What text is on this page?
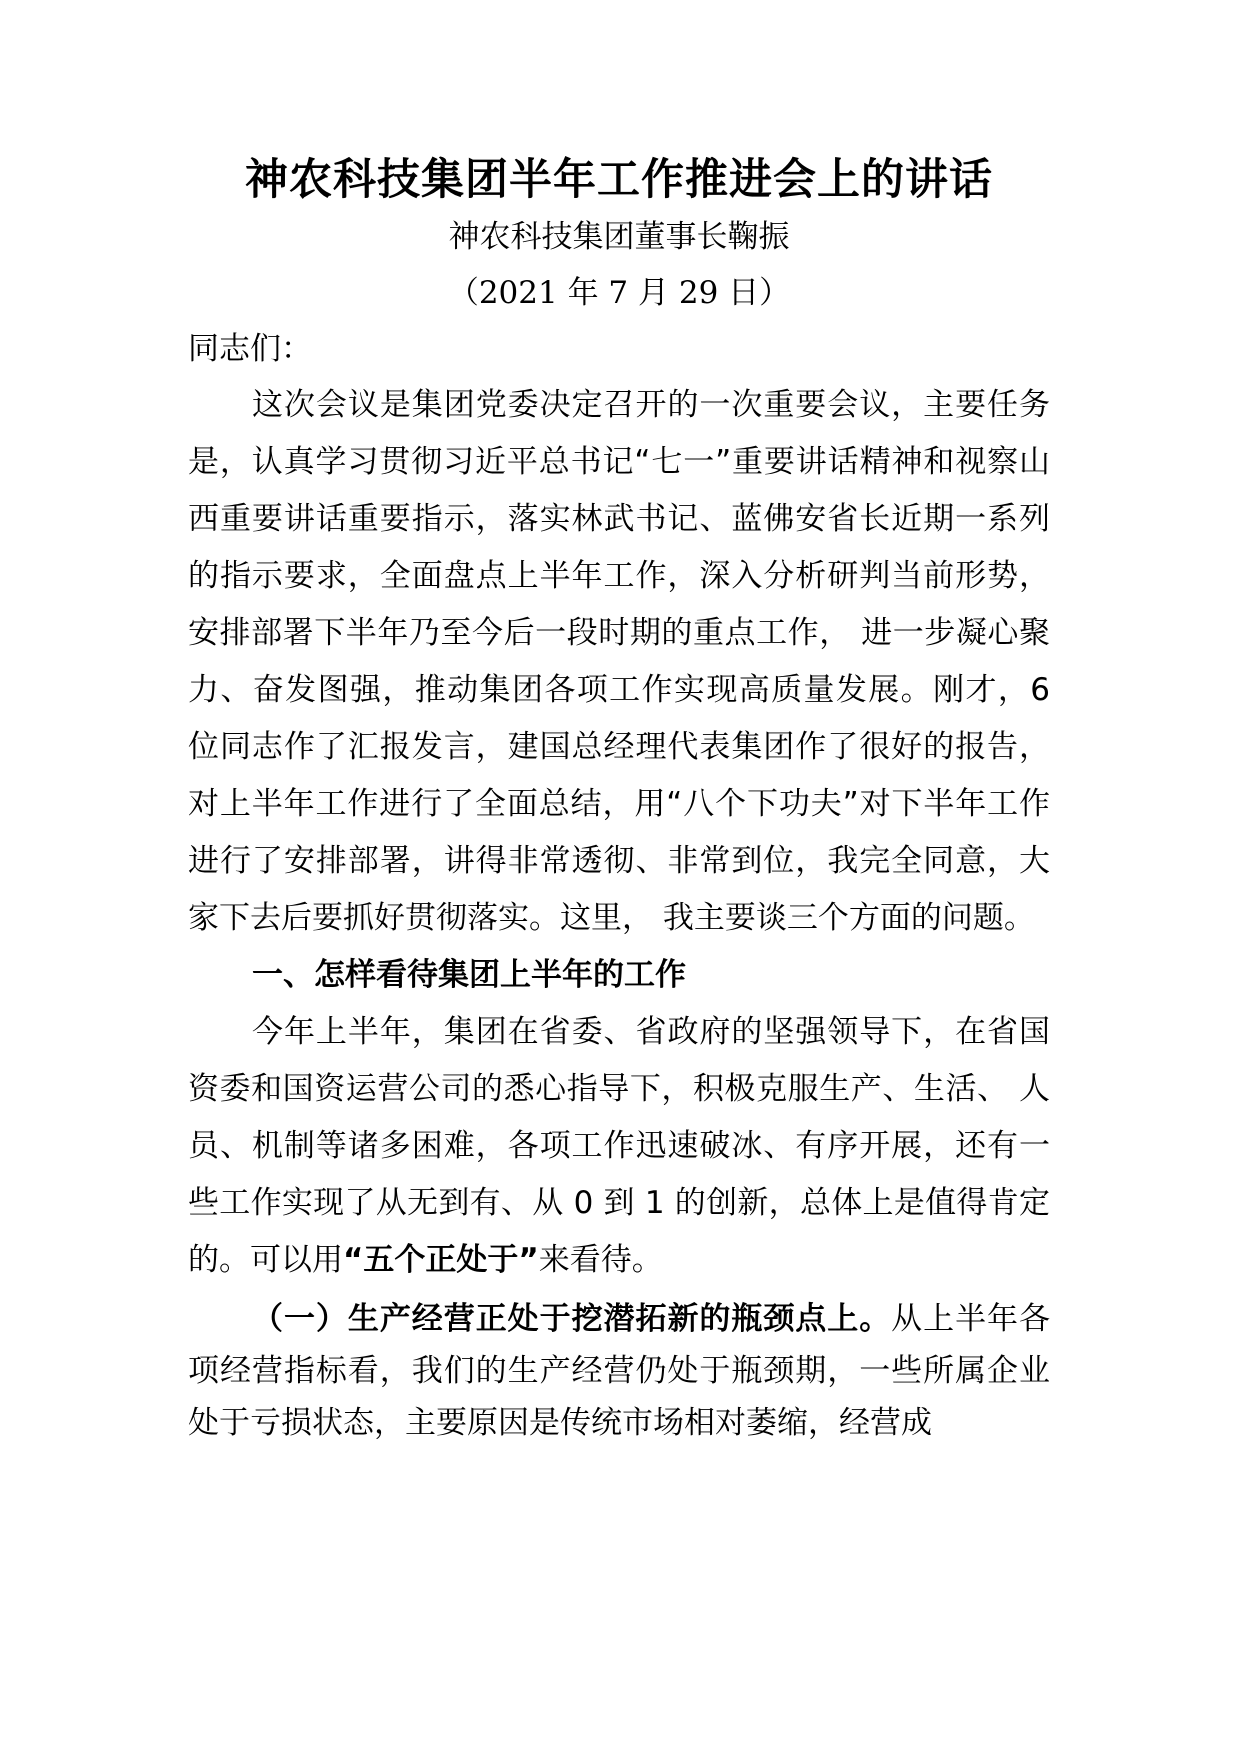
神农科技集团半年工作推进会上的讲话

神农科技集团董事长鞠振

（2021 年 7 月 29 日）

同志们：

这次会议是集团党委决定召开的一次重要会议，主要任务是，认真学习贯彻习近平总书记“七一”重要讲话精神和视察山西重要讲话重要指示，落实林武书记、蓝佛安省长近期一系列的指示要求，全面盘点上半年工作，深入分析研判当前形势，安排部署下半年乃至今后一段时期的重点工作， 进一步凝心聚力、奋发图强，推动集团各项工作实现高质量发展。刚才，6 位同志作了汇报发言，建国总经理代表集团作了很好的报告，对上半年工作进行了全面总结，用“八个下功夫”对下半年工作进行了安排部署，讲得非常透彻、非常到位，我完全同意，大家下去后要抓好贯彻落实。这里， 我主要谈三个方面的问题。

一、怎样看待集团上半年的工作

今年上半年，集团在省委、省政府的坚强领导下，在省国资委和国资运营公司的悉心指导下，积极克服生产、生活、 人员、机制等诸多困难，各项工作迅速破冰、有序开展，还有一些工作实现了从无到有、从 0 到 1 的创新，总体上是值得肯定的。可以用“五个正处于”来看待。

（一）生产经营正处于挖潜拓新的瓶颈点上。从上半年各项经营指标看，我们的生产经营仍处于瓶颈期，一些所属企业处于亏损状态，主要原因是传统市场相对萎缩，经营成
